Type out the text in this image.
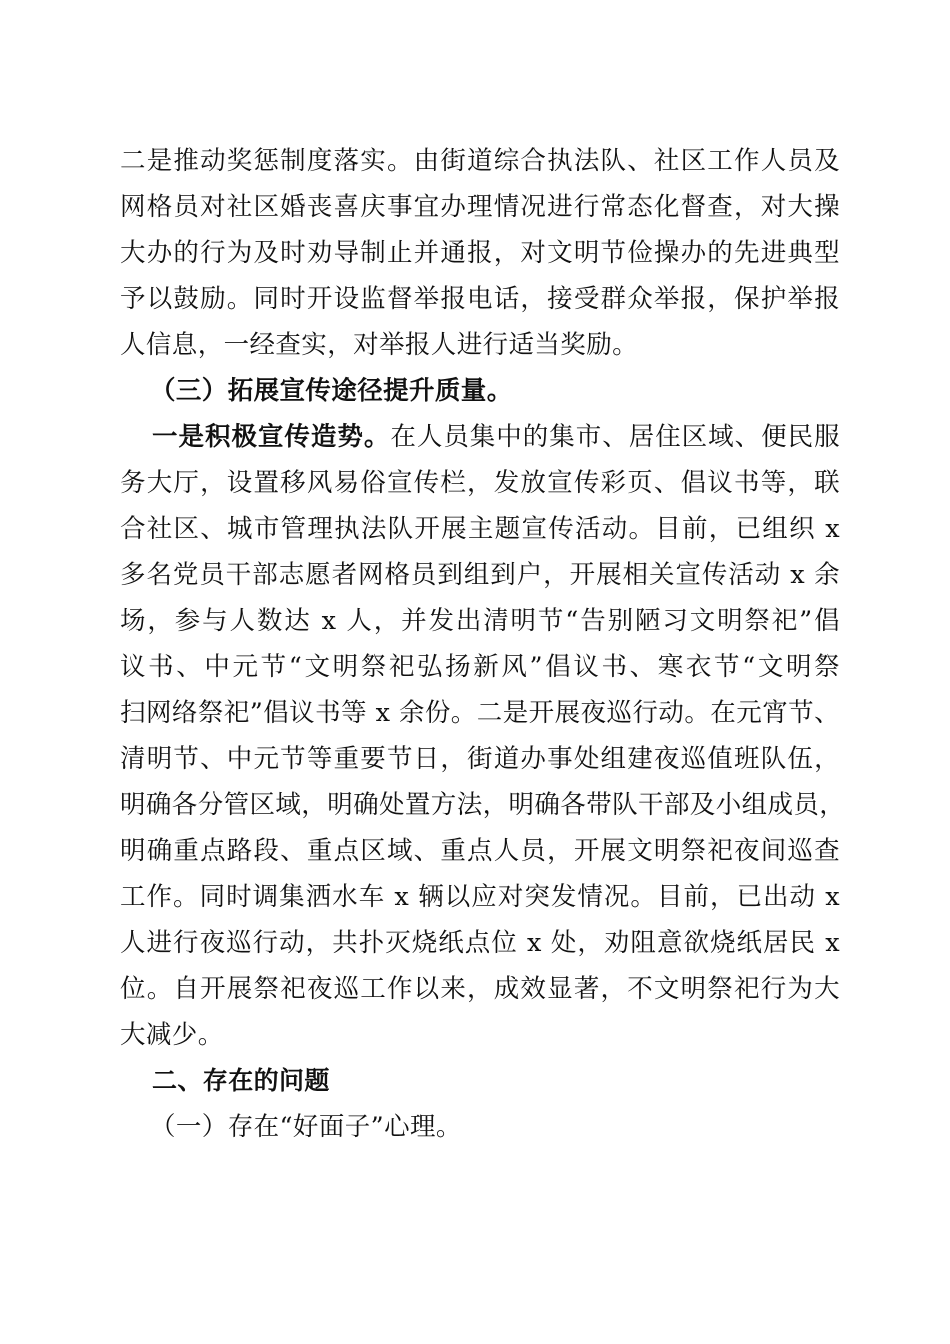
二是推动奖惩制度落实。由街道综合执法队、社区工作人员及
网格员对社区婚丧喜庆事宜办理情况进行常态化督查，对大操
大办的行为及时劝导制止并通报，对文明节俭操办的先进典型
予以鼓励。同时开设监督举报电话，接受群众举报，保护举报
人信息，一经查实，对举报人进行适当奖励。
（三）拓展宣传途径提升质量。
一是积极宣传造势。在人员集中的集市、居住区域、便民服
务大厅，设置移风易俗宣传栏，发放宣传彩页、倡议书等，联
合社区、城市管理执法队开展主题宣传活动。目前，已组织 x
多名党员干部志愿者网格员到组到户，开展相关宣传活动 x 余
场，参与人数达 x 人，并发出清明节“告别陋习文明祭祀”倡
议书、中元节“文明祭祀弘扬新风”倡议书、寒衣节“文明祭
扫网络祭祀”倡议书等 x 余份。二是开展夜巡行动。在元宵节、
清明节、中元节等重要节日，街道办事处组建夜巡值班队伍，
明确各分管区域，明确处置方法，明确各带队干部及小组成员，
明确重点路段、重点区域、重点人员，开展文明祭祀夜间巡查
工作。同时调集洒水车 x 辆以应对突发情况。目前，已出动 x
人进行夜巡行动，共扑灭烧纸点位 x 处，劝阻意欲烧纸居民 x
位。自开展祭祀夜巡工作以来，成效显著，不文明祭祀行为大
大减少。
二、存在的问题
（一）存在“好面子”心理。
